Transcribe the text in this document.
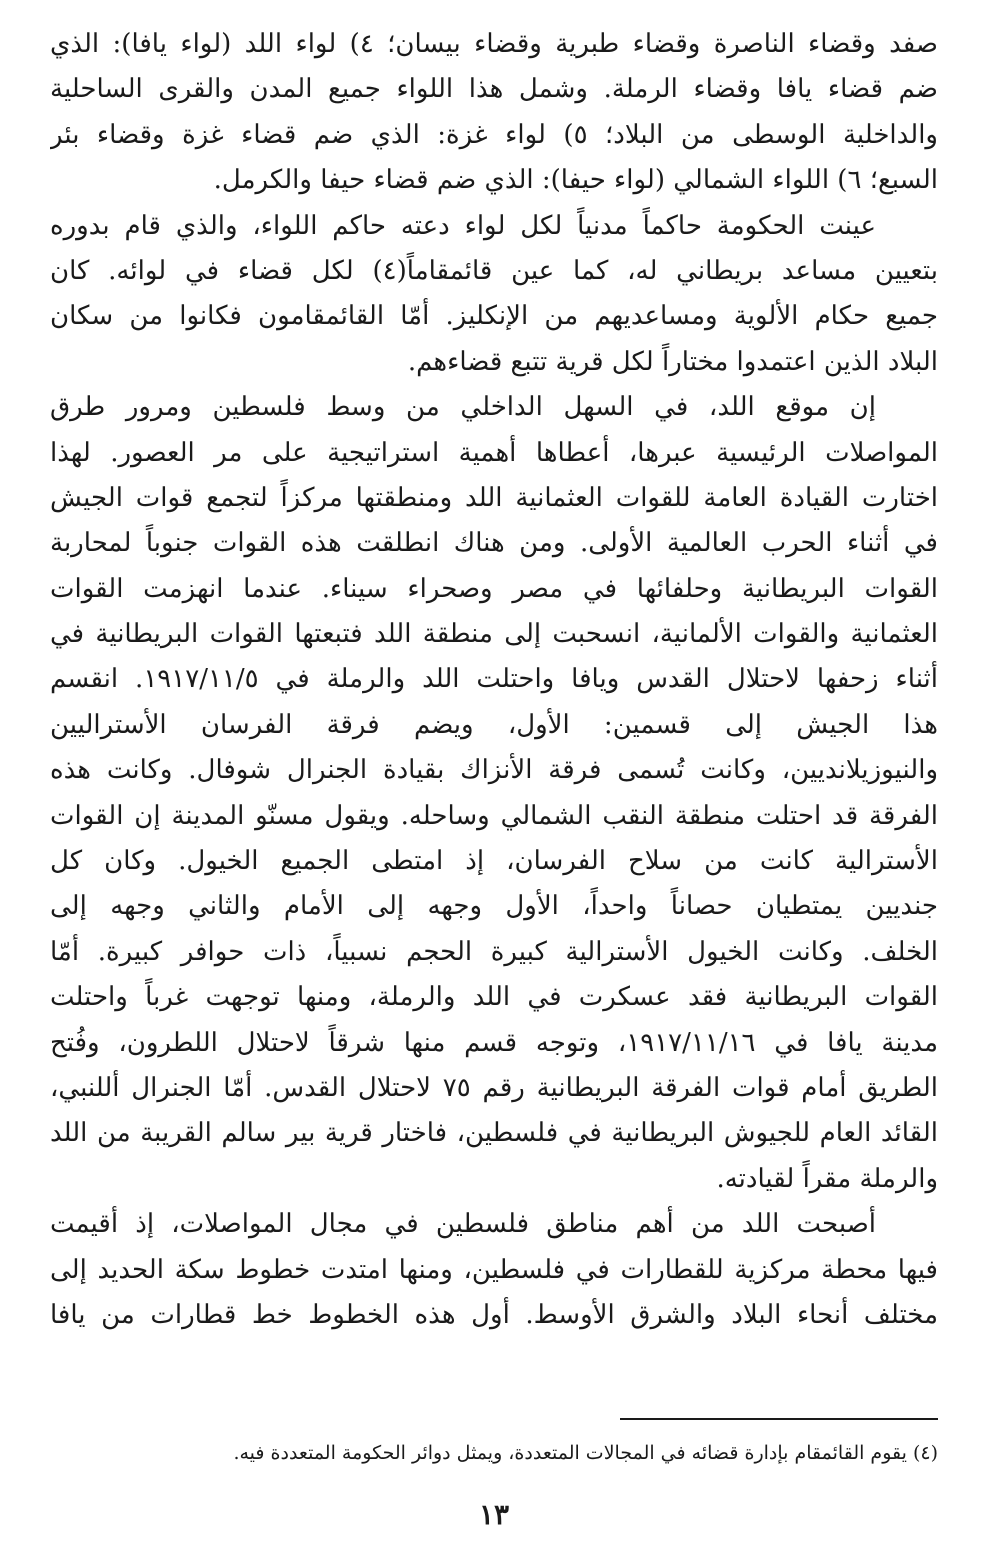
صفد وقضاء الناصرة وقضاء طبرية وقضاء بيسان؛ ٤) لواء اللد (لواء يافا): الذي
ضم قضاء يافا وقضاء الرملة. وشمل هذا اللواء جميع المدن والقرى الساحلية
والداخلية الوسطى من البلاد؛ ٥) لواء غزة: الذي ضم قضاء غزة وقضاء بئر
السبع؛ ٦) اللواء الشمالي (لواء حيفا): الذي ضم قضاء حيفا والكرمل.
عينت الحكومة حاكماً مدنياً لكل لواء دعته حاكم اللواء، والذي قام بدوره
بتعيين مساعد بريطاني له، كما عين قائمقاماً(٤) لكل قضاء في لوائه. كان
جميع حكام الألوية ومساعديهم من الإنكليز. أمّا القائمقامون فكانوا من سكان
البلاد الذين اعتمدوا مختاراً لكل قرية تتبع قضاءهم.
إن موقع اللد، في السهل الداخلي من وسط فلسطين ومرور طرق
المواصلات الرئيسية عبرها، أعطاها أهمية استراتيجية على مر العصور. لهذا
اختارت القيادة العامة للقوات العثمانية اللد ومنطقتها مركزاً لتجمع قوات الجيش
في أثناء الحرب العالمية الأولى. ومن هناك انطلقت هذه القوات جنوباً لمحاربة
القوات البريطانية وحلفائها في مصر وصحراء سيناء. عندما انهزمت القوات
العثمانية والقوات الألمانية، انسحبت إلى منطقة اللد فتبعتها القوات البريطانية في
أثناء زحفها لاحتلال القدس ويافا واحتلت اللد والرملة في ١٩١٧/١١/٥. انقسم
هذا الجيش إلى قسمين: الأول، ويضم فرقة الفرسان الأستراليين
والنيوزيلانديين، وكانت تُسمى فرقة الأنزاك بقيادة الجنرال شوفال. وكانت هذه
الفرقة قد احتلت منطقة النقب الشمالي وساحله. ويقول مسنّو المدينة إن القوات
الأسترالية كانت من سلاح الفرسان، إذ امتطى الجميع الخيول. وكان كل
جنديين يمتطيان حصاناً واحداً، الأول وجهه إلى الأمام والثاني وجهه إلى
الخلف. وكانت الخيول الأسترالية كبيرة الحجم نسبياً، ذات حوافر كبيرة. أمّا
القوات البريطانية فقد عسكرت في اللد والرملة، ومنها توجهت غرباً واحتلت
مدينة يافا في ١٩١٧/١١/١٦، وتوجه قسم منها شرقاً لاحتلال اللطرون، وفُتح
الطريق أمام قوات الفرقة البريطانية رقم ٧٥ لاحتلال القدس. أمّا الجنرال أللنبي،
القائد العام للجيوش البريطانية في فلسطين، فاختار قرية بير سالم القريبة من اللد
والرملة مقراً لقيادته.
أصبحت اللد من أهم مناطق فلسطين في مجال المواصلات، إذ أقيمت
فيها محطة مركزية للقطارات في فلسطين، ومنها امتدت خطوط سكة الحديد إلى
مختلف أنحاء البلاد والشرق الأوسط. أول هذه الخطوط خط قطارات من يافا
(٤) يقوم القائمقام بإدارة قضائه في المجالات المتعددة، ويمثل دوائر الحكومة المتعددة فيه.
١٣
